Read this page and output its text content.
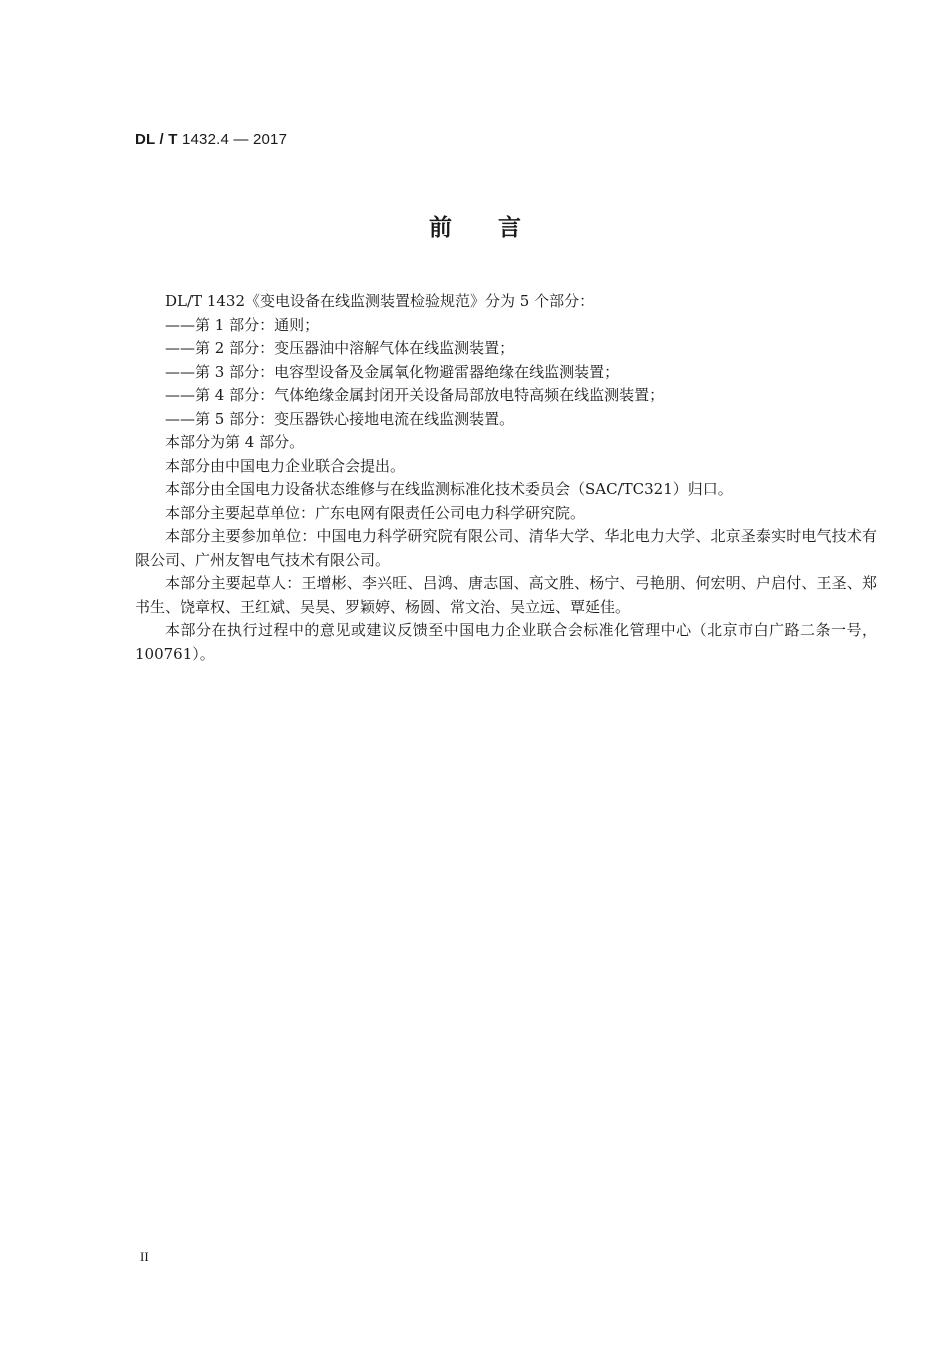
DL / T 1432.4 — 2017
前言

DL/T 1432《变电设备在线监测装置检验规范》分为 5 个部分：

——第 1 部分：通则；

——第 2 部分：变压器油中溶解气体在线监测装置；

——第 3 部分：电容型设备及金属氧化物避雷器绝缘在线监测装置；

——第 4 部分：气体绝缘金属封闭开关设备局部放电特高频在线监测装置；

——第 5 部分：变压器铁心接地电流在线监测装置。

本部分为第 4 部分。

本部分由中国电力企业联合会提出。

本部分由全国电力设备状态维修与在线监测标准化技术委员会（SAC/TC321）归口。

本部分主要起草单位：广东电网有限责任公司电力科学研究院。

本部分主要参加单位：中国电力科学研究院有限公司、清华大学、华北电力大学、北京圣泰实时电气技术有限公司、广州友智电气技术有限公司。

本部分主要起草人：王增彬、李兴旺、吕鸿、唐志国、高文胜、杨宁、弓艳朋、何宏明、户启付、王圣、郑书生、饶章权、王红斌、吴昊、罗颖婷、杨圆、常文治、吴立远、覃延佳。

本部分在执行过程中的意见或建议反馈至中国电力企业联合会标准化管理中心（北京市白广路二条一号，100761）。

II
